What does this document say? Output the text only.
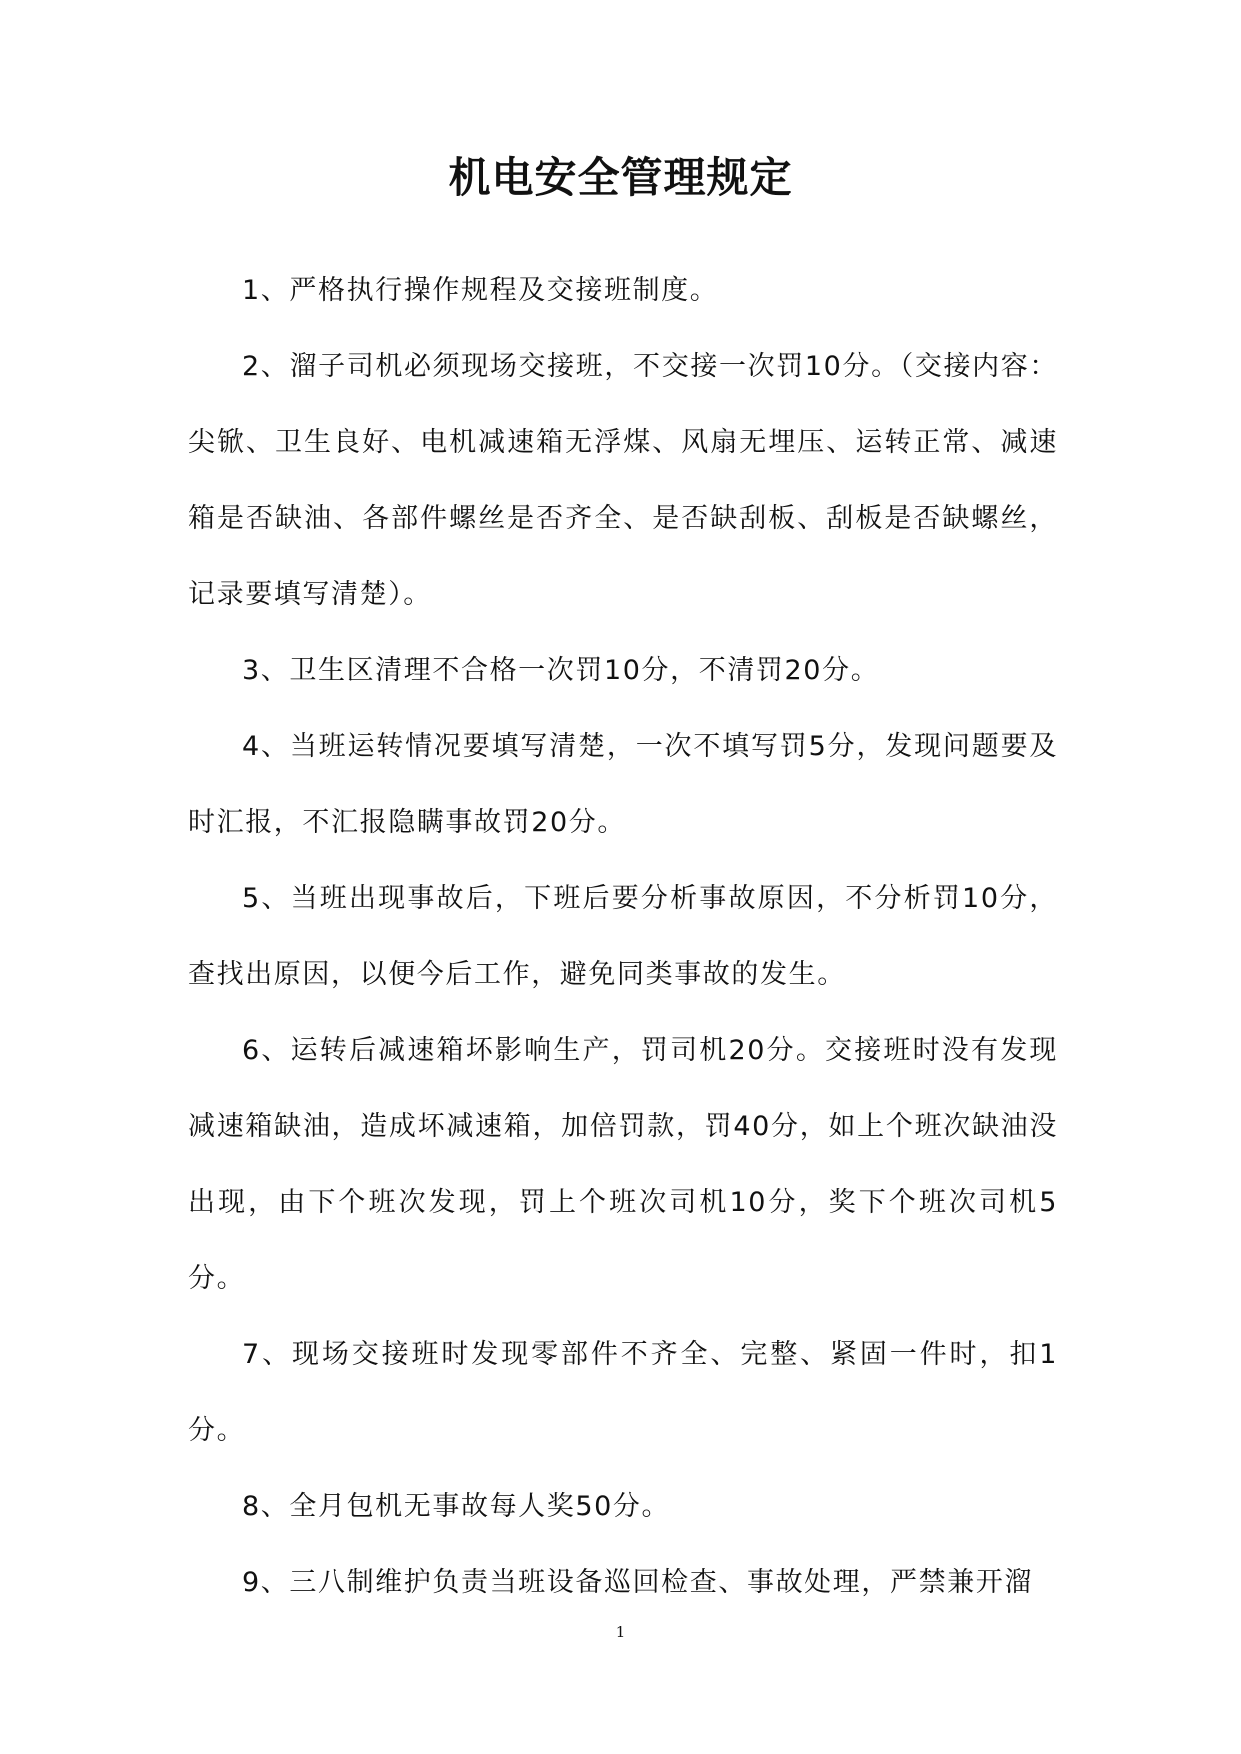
机电安全管理规定

1、严格执行操作规程及交接班制度。

2、溜子司机必须现场交接班，不交接一次罚10分。（交接内容：尖锨、卫生良好、电机减速箱无浮煤、风扇无埋压、运转正常、减速箱是否缺油、各部件螺丝是否齐全、是否缺刮板、刮板是否缺螺丝，记录要填写清楚）。

3、卫生区清理不合格一次罚10分，不清罚20分。

4、当班运转情况要填写清楚，一次不填写罚5分，发现问题要及时汇报，不汇报隐瞒事故罚20分。

5、当班出现事故后，下班后要分析事故原因，不分析罚10分，查找出原因，以便今后工作，避免同类事故的发生。

6、运转后减速箱坏影响生产，罚司机20分。交接班时没有发现减速箱缺油，造成坏减速箱，加倍罚款，罚40分，如上个班次缺油没出现，由下个班次发现，罚上个班次司机10分，奖下个班次司机5分。

7、现场交接班时发现零部件不齐全、完整、紧固一件时，扣1分。

8、全月包机无事故每人奖50分。

9、三八制维护负责当班设备巡回检查、事故处理，严禁兼开溜

1
